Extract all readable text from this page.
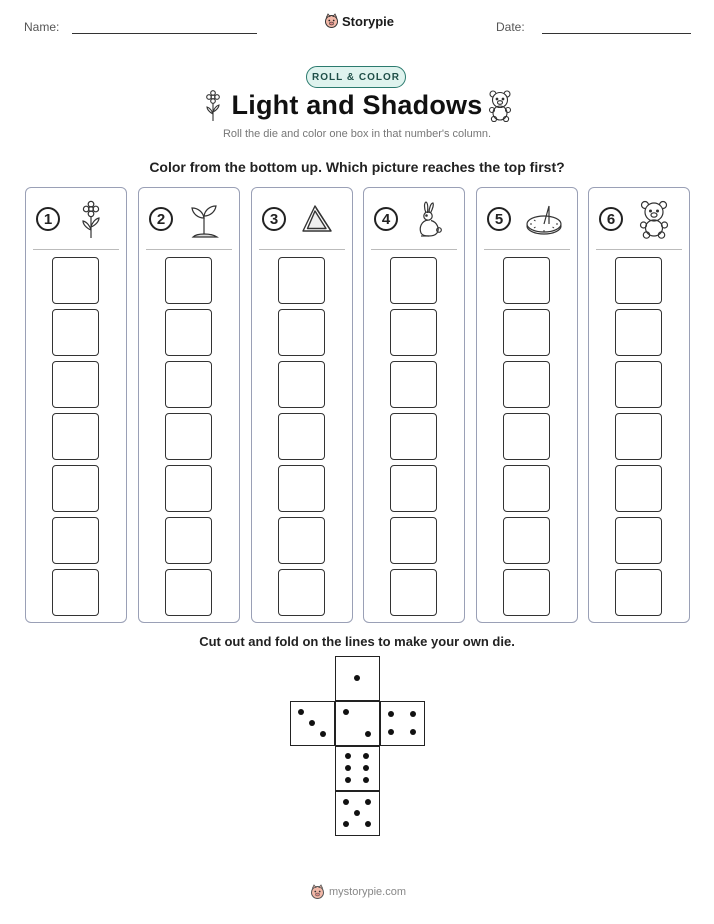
Name:	Storypie	Date:
ROLL & COLOR
Light and Shadows
Roll the die and color one box in that number's column.
Color from the bottom up. Which picture reaches the top first?
1	2	3	4	5	6
Cut out and fold on the lines to make your own die.
mystorypie.com
